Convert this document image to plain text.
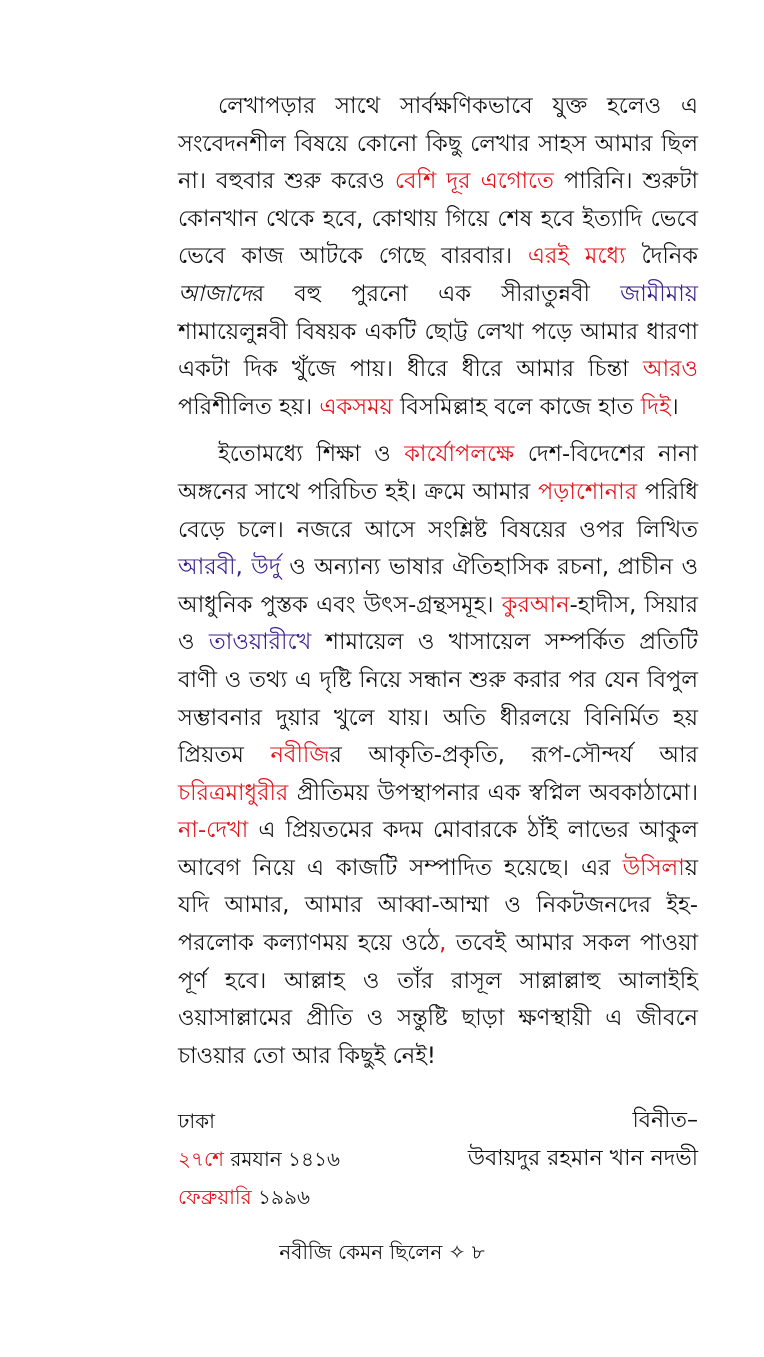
লেখাপড়ার সাথে সার্বক্ষণিকভাবে যুক্ত হলেও এ সংবেদনশীল বিষয়ে কোনো কিছু লেখার সাহস আমার ছিল না। বহুবার শুরু করেও বেশি দূর এগোতে পারিনি। শুরুটা কোনখান থেকে হবে, কোথায় গিয়ে শেষ হবে ইত্যাদি ভেবে ভেবে কাজ আটকে গেছে বারবার। এরই মধ্যে দৈনিক আজাদের বহু পুরনো এক সীরাতুন্নবী জামীমায় শামায়েলুন্নবী বিষয়ক একটি ছোট্ট লেখা পড়ে আমার ধারণা একটা দিক খুঁজে পায়। ধীরে ধীরে আমার চিন্তা আরও পরিশীলিত হয়। একসময় বিসমিল্লাহ বলে কাজে হাত দিই।

ইতোমধ্যে শিক্ষা ও কার্যোপলক্ষে দেশ-বিদেশের নানা অঙ্গনের সাথে পরিচিত হই। ক্রমে আমার পড়াশোনার পরিধি বেড়ে চলে। নজরে আসে সংশ্লিষ্ট বিষয়ের ওপর লিখিত আরবী, উর্দু ও অন্যান্য ভাষার ঐতিহাসিক রচনা, প্রাচীন ও আধুনিক পুস্তক এবং উৎস-গ্রন্থসমূহ। কুরআন-হাদীস, সিয়ার ও তাওয়ারীখে শামায়েল ও খাসায়েল সম্পর্কিত প্রতিটি বাণী ও তথ্য এ দৃষ্টি নিয়ে সন্ধান শুরু করার পর যেন বিপুল সম্ভাবনার দুয়ার খুলে যায়। অতি ধীরলয়ে বিনির্মিত হয় প্রিয়তম নবীজির আকৃতি-প্রকৃতি, রূপ-সৌন্দর্য আর চরিত্রমাধুরীর প্রীতিময় উপস্থাপনার এক স্বপ্নিল অবকাঠামো। না-দেখা এ প্রিয়তমের কদম মোবারকে ঠাঁই লাভের আকুল আবেগ নিয়ে এ কাজটি সম্পাদিত হয়েছে। এর উসিলায় যদি আমার, আমার আব্বা-আম্মা ও নিকটজনদের ইহ-পরলোক কল্যাণময় হয়ে ওঠে, তবেই আমার সকল পাওয়া পূর্ণ হবে। আল্লাহ ও তাঁর রাসূল সাল্লাল্লাহু আলাইহি ওয়াসাল্লামের প্রীতি ও সন্তুষ্টি ছাড়া ক্ষণস্থায়ী এ জীবনে চাওয়ার তো আর কিছুই নেই!

ঢাকা	বিনীত–
২৭শে রমযান ১৪১৬	উবায়দুর রহমান খান নদভী
ফেব্রুয়ারি ১৯৯৬
নবীজি কেমন ছিলেন ✧ ৮
